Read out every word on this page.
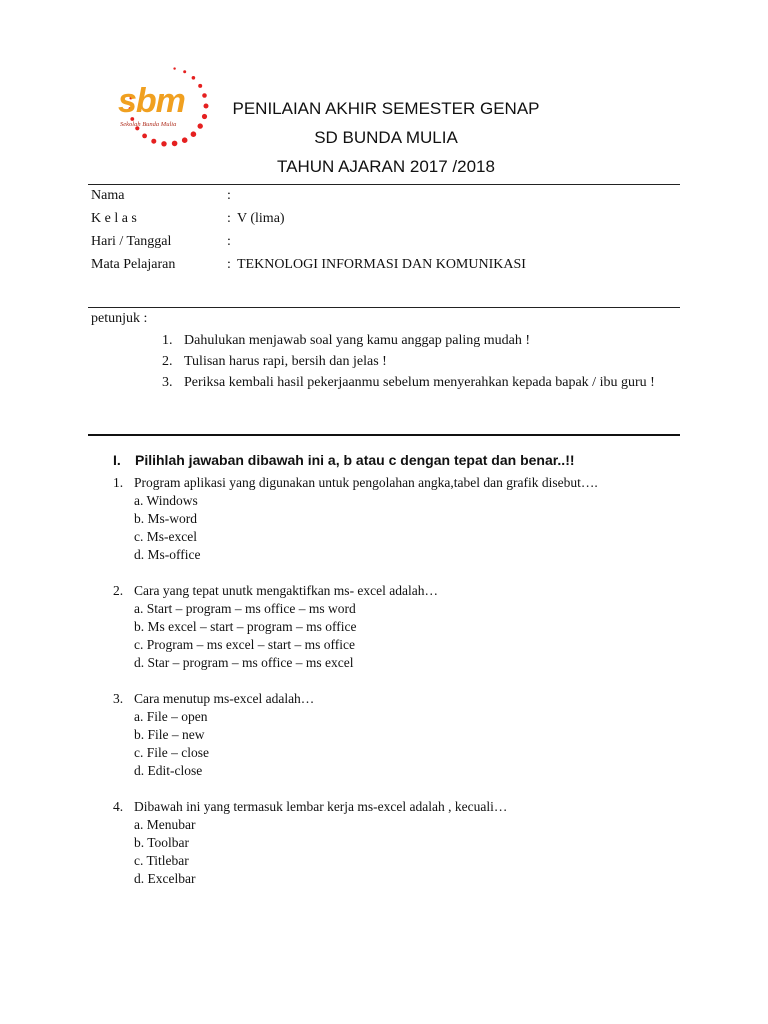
sbm
Sekolah Bunda Mulia
PENILAIAN AKHIR SEMESTER GENAP
SD BUNDA MULIA
TAHUN AJARAN 2017 /2018
Nama	:
K e l a s	: V (lima)
Hari / Tanggal	:
Mata Pelajaran	: TEKNOLOGI INFORMASI DAN KOMUNIKASI
petunjuk :
1. Dahulukan menjawab soal yang kamu anggap paling mudah !
2. Tulisan harus rapi, bersih dan jelas !
3. Periksa kembali hasil pekerjaanmu sebelum menyerahkan kepada bapak / ibu guru !
I. Pilihlah jawaban dibawah ini a, b atau c dengan tepat dan benar..!!
1. Program aplikasi yang digunakan untuk pengolahan angka,tabel dan grafik disebut….
a. Windows
b. Ms-word
c. Ms-excel
d. Ms-office
2. Cara yang tepat unutk mengaktifkan ms- excel adalah…
a. Start – program – ms office – ms word
b. Ms excel – start – program – ms office
c. Program – ms excel – start – ms office
d. Star – program – ms office – ms excel
3. Cara menutup ms-excel adalah…
a. File – open
b. File – new
c. File – close
d. Edit-close
4. Dibawah ini yang termasuk lembar kerja ms-excel adalah , kecuali…
a. Menubar
b. Toolbar
c. Titlebar
d. Excelbar
